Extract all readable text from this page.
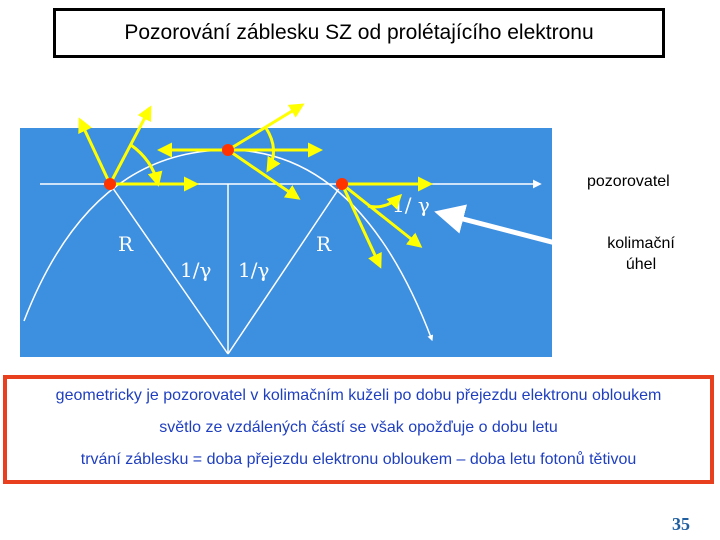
Pozorování záblesku SZ od prolétajícího elektronu
R	R
1/γ 1/γ
1/ γ
pozorovatel
kolimační úhel
geometricky je pozorovatel v kolimačním kuželi po dobu přejezdu elektronu obloukem
světlo ze vzdálených částí se však opožďuje o dobu letu
trvání záblesku = doba přejezdu elektronu obloukem – doba letu fotonů tětivou
35
